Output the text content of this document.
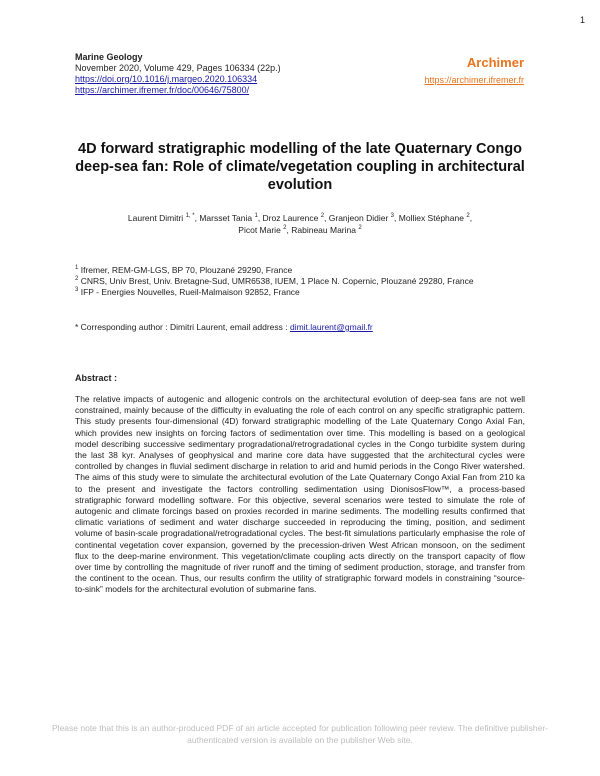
1
Marine Geology
November 2020, Volume 429, Pages 106334 (22p.)
https://doi.org/10.1016/j.margeo.2020.106334
https://archimer.ifremer.fr/doc/00646/75800/
Archimer
https://archimer.ifremer.fr
4D forward stratigraphic modelling of the late Quaternary Congo deep-sea fan: Role of climate/vegetation coupling in architectural evolution
Laurent Dimitri $^{1, *}$, Marsset Tania $^1$, Droz Laurence $^2$, Granjeon Didier $^3$, Molliex Stéphane $^2$,
Picot Marie $^2$, Rabineau Marina $^2$
$^1$ Ifremer, REM-GM-LGS, BP 70, Plouzané 29290, France
$^2$ CNRS, Univ Brest, Univ. Bretagne-Sud, UMR6538, IUEM, 1 Place N. Copernic, Plouzané 29280, France
$^3$ IFP - Energies Nouvelles, Rueil-Malmaison 92852, France
* Corresponding author : Dimitri Laurent, email address : dimit.laurent@gmail.fr
Abstract :
The relative impacts of autogenic and allogenic controls on the architectural evolution of deep-sea fans are not well constrained, mainly because of the difficulty in evaluating the role of each control on any specific stratigraphic pattern. This study presents four-dimensional (4D) forward stratigraphic modelling of the Late Quaternary Congo Axial Fan, which provides new insights on forcing factors of sedimentation over time. This modelling is based on a geological model describing successive sedimentary progradational/retrogradational cycles in the Congo turbidite system during the last 38 kyr. Analyses of geophysical and marine core data have suggested that the architectural cycles were controlled by changes in fluvial sediment discharge in relation to arid and humid periods in the Congo River watershed. The aims of this study were to simulate the architectural evolution of the Late Quaternary Congo Axial Fan from 210 ka to the present and investigate the factors controlling sedimentation using DionisosFlow™, a process-based stratigraphic forward modelling software. For this objective, several scenarios were tested to simulate the role of autogenic and climate forcings based on proxies recorded in marine sediments. The modelling results confirmed that climatic variations of sediment and water discharge succeeded in reproducing the timing, position, and sediment volume of basin-scale progradational/retrogradational cycles. The best-fit simulations particularly emphasise the role of continental vegetation cover expansion, governed by the precession-driven West African monsoon, on the sediment flux to the deep-marine environment. This vegetation/climate coupling acts directly on the transport capacity of flow over time by controlling the magnitude of river runoff and the timing of sediment production, storage, and transfer from the continent to the ocean. Thus, our results confirm the utility of stratigraphic forward models in constraining “source-to-sink” models for the architectural evolution of submarine fans.
Please note that this is an author-produced PDF of an article accepted for publication following peer review. The definitive publisher-authenticated version is available on the publisher Web site.
